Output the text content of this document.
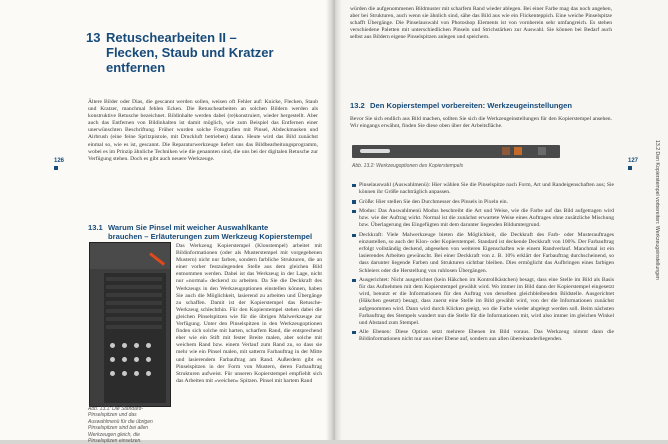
13 Retuschearbeiten II –
Flecken, Staub und Kratzer entfernen

Ältere Bilder oder Dias, die gescannt werden sollen, weisen oft Fehler auf: Knicke, Flecken, Staub und Kratzer, manchmal fehlen Ecken. Die Retuschearbeiten an solchen Bildern werden als konstruktive Retusche bezeichnet. Bildinhalte werden dabei (re)konstruiert, wieder hergestellt. Aber auch das Entfernen von Bildinhalten ist damit möglich, wie zum Beispiel das Entfernen einer unerwünschten Beschriftung. Früher wurden solche Fotografien mit Pinsel, Abdeckmasken und Airbrush (eine feine Spritzpistole, mit Druckluft betrieben) daran. Heute wird das Bild zunächst einmal so, wie es ist, gescannt. Die Reparaturwerkzeuge liefert uns das Bildbearbeitungsprogramm, wobei es im Prinzip ähnliche Techniken wie die genannten sind, die uns bei der digitalen Retusche zur Verfügung stehen. Doch es gibt auch neuere Werkzeuge.

126
13.1 Warum Sie Pinsel mit weicher Auswahlkante
brauchen – Erläuterungen zum Werkzeug Kopierstempel
Abb. 13.1: Die Standard-Pinselspitzen und das Auswahlmenü für die übrigen Pinselspitzen sind bei allen Werkzeugen gleich, die Pinselspitzen einsetzen.

Das Werkzeug Kopierstempel (Klonstempel) arbeitet mit Bildinformationen (oder als Musterstempel mit vorgegebenen Mustern) nicht nur farben, sondern farbliche Strukturen, die an einer vorher festzulegenden Stelle aus dem gleichen Bild entnommen werden. Dabei ist das Werkzeug in der Lage, nicht nur »normal« deckend zu arbeiten. Da Sie die Deckkraft des Werkzeugs in den Werkzeugoptionen einstellen können, haben Sie auch die Möglichkeit, lasierend zu arbeiten und Übergänge zu schaffen. Damit ist der Kopierstempel das Retusche-Werkzeug schlechthin. Für den Kopierstempel stehen dabei die gleichen Pinselspitzen wie für die übrigen Malwerkzeuge zur Verfügung. Unter den Pinselspitzen in den Werkzeugoptionen finden sich solche mit harten, scharfem Rand, die entsprechend eher wie ein Stift mit fester Breite malen, aber solche mit weichem Rand bzw. einem Verlauf zum Rand zu, so dass sie mehr wie ein Pinsel malen, mit satterm Farbauftrag in der Mitte und lasierendem Farbauftrag am Rand. Außerdem gibt es Pinselspitzen in der Form von Mustern, deren Farbauftrag Strukturen aufweist. Für unseren Kopierstempel empfiehlt sich das Arbeiten mit »weichen« Spitzen. Pinsel mit hartem Rand

würden die aufgenommenen Bildmuster mit scharfem Rand wieder ablegen. Bei einer Farbe mag das noch angehen, aber bei Strukturen, auch wenn sie ähnlich sind, sähe das Bild aus wie ein Flickenteppich. Eine weiche Pinselspitze schafft Übergänge. Die Pinselauswahl von Photoshop Elements ist von vornherein sehr umfangreich. Es stehen verschiedene Paletten mit unterschiedlichen Pinseln und Strichstärken zur Auswahl. Sie können bei Bedarf auch selbst aus Bildern eigene Pinselspitzen anlegen und speichern.

13.2 Den Kopierstempel vorbereiten: Werkzeugeinstellungen

Bevor Sie sich endlich aus Bild machen, sollten Sie sich die Werkzeugeinstellungen für den Kopierstempel ansehen. Wir eingangs erwähnt, finden Sie diese oben über der Arbeitsfläche.

Abb. 13.2: Werkzeugoptionen des Kopierstempels
127
Pinselauswahl (Auswahlmenü): Hier wählen Sie die Pinselspitze nach Form, Art und Randeigenschaften aus; Sie können ihr Größe nachträglich anpassen.
Größe: Hier stellen Sie den Durchmesser des Pinsels in Pixeln ein.
Modus: Das Auswahlmenü Modus beschreibt die Art und Weise, wie die Farbe auf das Bild aufgetragen wird bzw. wie der Auftrag wirkt. Normal ist die zunächst erwartete Weise eines Auftrages ohne zusätzliche Mischung bzw. Überlagerung des Eingefügten mit dem darunter liegenden Bildumtergrund.
Deckkraft: Viele Malwerkzeuge bieten die Möglichkeit, die Deckkraft des Farb- oder Musterauftrages einzustellen, so auch der Klon- oder Kopierstempel. Standard ist deckende Deckkraft von 100%. Der Farbauftrag erfolgt vollständig deckend, abgesehen von weiteren Eigenschaften wie einem Randverlauf. Manchmal ist ein lasierendes Arbeiten gewünscht. Bei einer Deckkraft von z. B. 10% erklärt der Farbauftrag durchscheinend, so dass darunter liegende Farben und Strukturen sichtbar bleiben. Dies ermöglicht das Aufbringen eines farbigen Schleiers oder die Herstellung von ruhlosen Übergängen.
Ausgerichtet: Nicht ausgerichtet (kein Häkchen im Kontrollkästchen) besagt, dass eine Stelle im Bild als Basis für das Aufnehmen mit dem Kopierstempel gewählt wird. Wo immer im Bild dann der Kopierstempel eingesetzt wird, benutzt er die Informationen für den Auftrag von derselben gleichbleibenden Bildstelle. Ausgerichtet (Häkchen gesetzt) besagt, dass zuerst eine Stelle im Bild gewählt wird, von der die Informationen zunächst aufgenommen wird. Dann wird durch Klicken geeigt, wo die Farbe wieder abgelegt werden soll. Beim nächsten Farbauftrag des Stempels wandert nun die Stelle für die Informationen mit, wird also immer im gleichen Winkel und Abstand zum Stempel.
Alle Ebenen: Diese Option setzt mehrere Ebenen im Bild voraus. Das Werkzeug nimmt dann die Bildinformationen nicht nur aus einer Ebene auf, sondern aus allen übereinanderliegenden.
13.2 Den Kopierstempel vorbereiten: Werkzeugeinstellungen
